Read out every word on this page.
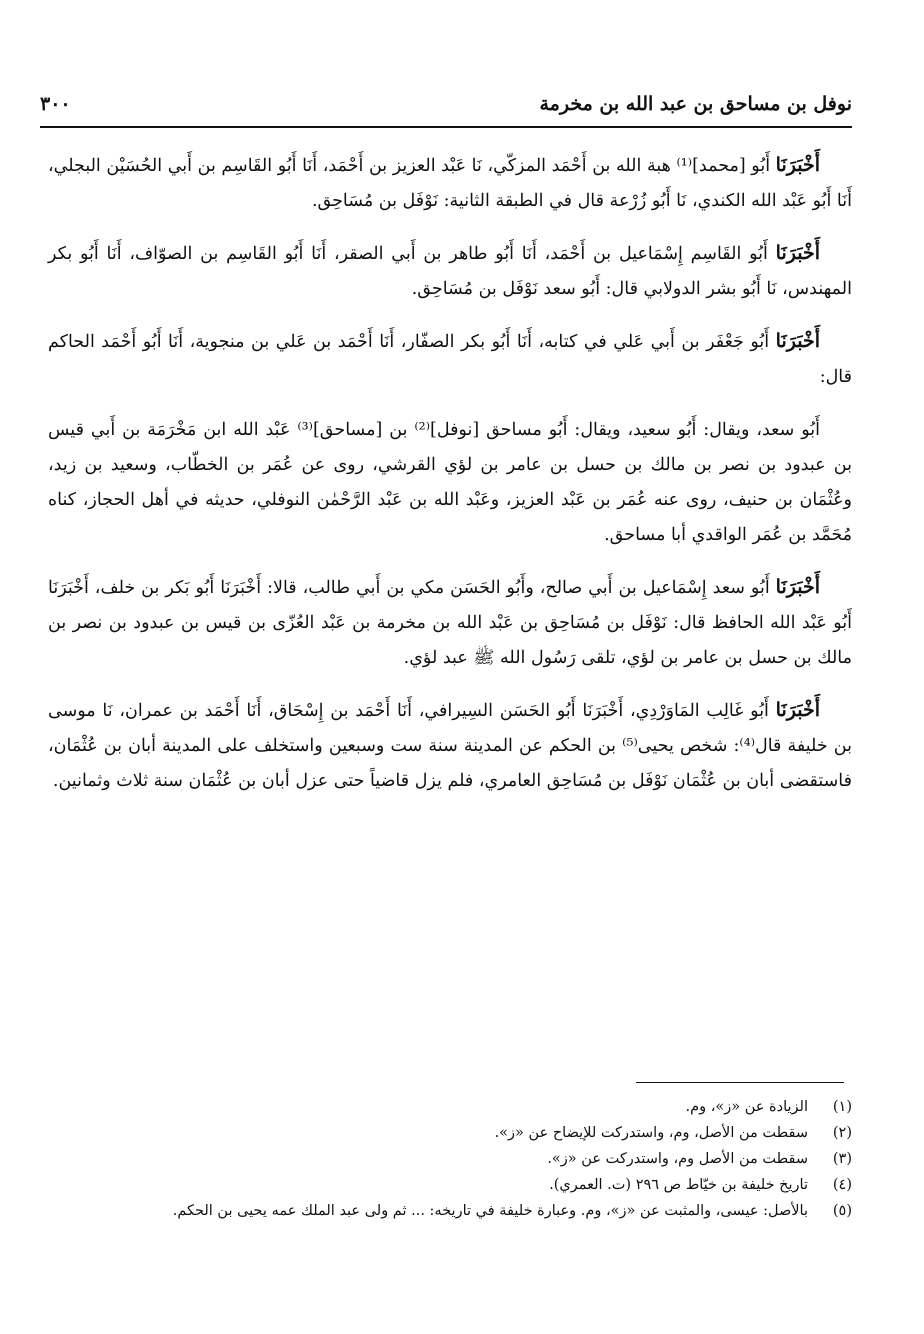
نوفل بن مساحق بن عبد الله بن مخرمة
٣٠٠

أَخْبَرَنَا أَبُو [محمد]⁽¹⁾ هبة الله بن أَحْمَد المزكّي، نَا عَبْد العزيز بن أَحْمَد، أَنَا أَبُو القَاسِم بن أَبي الحُسَيْن البجلي، أَنَا أَبُو عَبْد الله الكندي، نَا أَبُو زُرْعة قال في الطبقة الثانية: نَوْفَل بن مُسَاحِق.

أَخْبَرَنَا أَبُو القَاسِم إِسْمَاعيل بن أَحْمَد، أَنَا أَبُو طاهر بن أَبي الصقر، أَنَا أَبُو القَاسِم بن الصوّاف، أَنَا أَبُو بكر المهندس، نَا أَبُو بشر الدولابي قال: أَبُو سعد نَوْفَل بن مُسَاحِق.

أَخْبَرَنَا أَبُو جَعْفَر بن أَبي عَلي في كتابه، أَنَا أَبُو بكر الصفّار، أَنَا أَحْمَد بن عَلي بن منجوية، أَنَا أَبُو أَحْمَد الحاكم قال:

أَبُو سعد، ويقال: أَبُو سعيد، ويقال: أَبُو مساحق [نوفل]⁽²⁾ بن [مساحق]⁽³⁾ عَبْد الله ابن مَخْرَمَة بن أَبي قيس بن عبدود بن نصر بن مالك بن حسل بن عامر بن لؤي القرشي، روى عن عُمَر بن الخطّاب، وسعيد بن زيد، وعُثْمَان بن حنيف، روى عنه عُمَر بن عَبْد العزيز، وعَبْد الله بن عَبْد الرَّحْمٰن النوفلي، حديثه في أهل الحجاز، كناه مُحَمَّد بن عُمَر الواقدي أبا مساحق.

أَخْبَرَنَا أَبُو سعد إِسْمَاعيل بن أَبي صالح، وأَبُو الحَسَن مكي بن أَبي طالب، قالا: أَخْبَرَنَا أَبُو بَكر بن خلف، أَخْبَرَنَا أَبُو عَبْد الله الحافظ قال: نَوْفَل بن مُسَاحِق بن عَبْد الله بن مخرمة بن عَبْد العُزّى بن قيس بن عبدود بن نصر بن مالك بن حسل بن عامر بن لؤي، تلقى رَسُول الله ﷺ عبد لؤي.

أَخْبَرَنَا أَبُو غَالِب المَاوَرْدِي، أَخْبَرَنَا أَبُو الحَسَن السِيرافي، أَنَا أَحْمَد بن إِسْحَاق، أَنَا أَحْمَد بن عمران، نَا موسى بن خليفة قال⁽⁴⁾: شخص يحيى⁽⁵⁾ بن الحكم عن المدينة سنة ست وسبعين واستخلف على المدينة أبان بن عُثْمَان، فاستقضى أبان بن عُثْمَان نَوْفَل بن مُسَاحِق العامري، فلم يزل قاضياً حتى عزل أبان بن عُثْمَان سنة ثلاث وثمانين.

(١)
الزيادة عن «ز»، وم.
(٢)
سقطت من الأصل، وم، واستدركت للإيضاح عن «ز».
(٣)
سقطت من الأصل وم، واستدركت عن «ز».
(٤)
تاريخ خليفة بن خيّاط ص ٢٩٦ (ت. العمري).
(٥)
بالأصل: عيسى، والمثبت عن «ز»، وم. وعبارة خليفة في تاريخه: ... ثم ولى عبد الملك عمه يحيى بن الحكم.
